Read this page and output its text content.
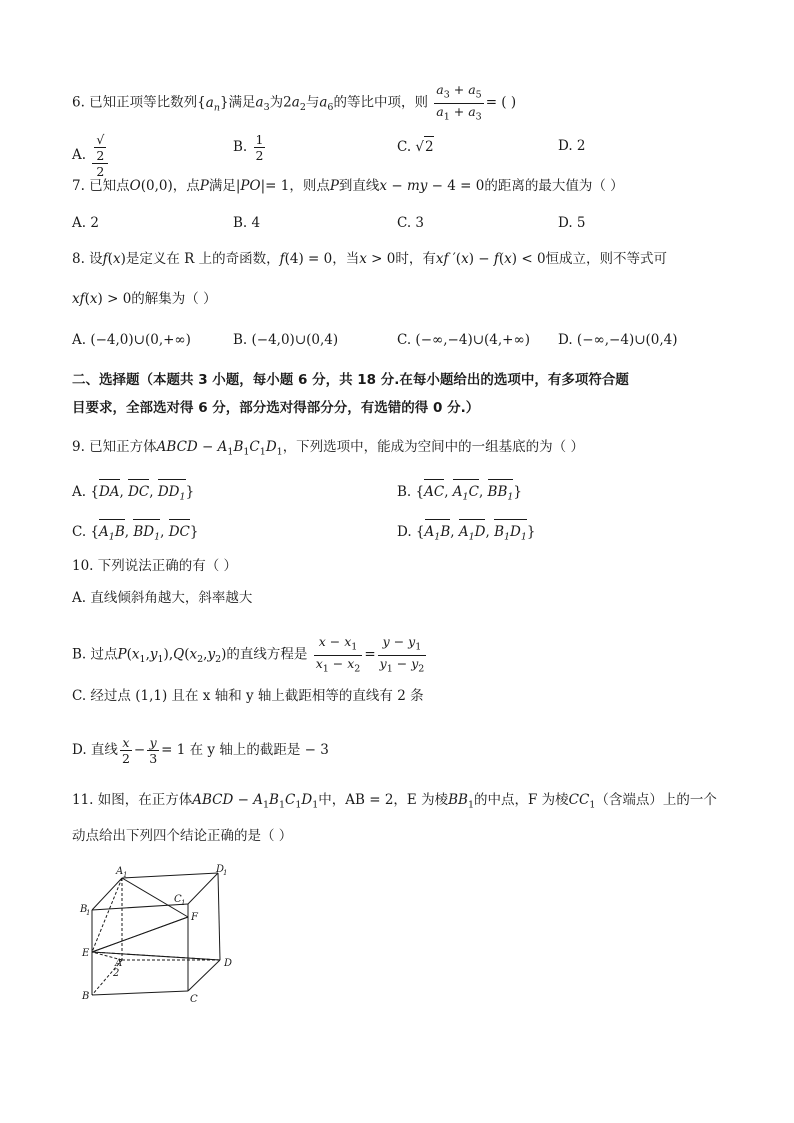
6. 已知正项等比数列$\{a_n\}$满足$a_3$为$2a_2$与$a_6$的等比中项，则 $\frac{a_3 + a_5}{a_1 + a_3}$ = ( )
A. √
2
2	B. $\frac{1}{2}$	C. √2	D. 2
7. 已知点O(0,0)，点P满足|PO|= 1，则点P到直线x − my − 4 = 0的距离的最大值为（ ）
A. 2	B. 4	C. 3	D. 5
8. 设f(x)是定义在 R 上的奇函数，f(4) = 0，当x > 0时，有xf ′(x) − f(x) < 0恒成立，则不等式可
xf(x) > 0的解集为（ ）
A. (−4,0)∪(0,+∞)	B. (−4,0)∪(0,4)	C. (−∞,−4)∪(4,+∞) D. (−∞,−4)∪(0,4)
二、选择题（本题共 3 小题，每小题 6 分，共 18 分.在每小题给出的选项中，有多项符合题
目要求，全部选对得 6 分，部分选对得部分分，有选错的得 0 分.）
9. 已知正方体ABCD − $A_1B_1C_1D_1$，下列选项中，能成为空间中的一组基底的为（ ）
A. {DA, DC, $DD_1$}	B. {AC, $A_1C$, $BB_1$}
C. {$A_1B$, $BD_1$, DC}	D. {$A_1B$, $A_1D$, $B_1D_1$}
10. 下列说法正确的有（ ）
A. 直线倾斜角越大，斜率越大
B. 过点$P(x_1,y_1),Q(x_2,y_2)$的直线方程是 $\frac{x - x_1}{x_1 - x_2} = \frac{y - y_1}{y_1 - y_2}$
C. 经过点 (1,1) 且在 x 轴和 y 轴上截距相等的直线有 2 条
D. 直线 $\frac{x}{2} - \frac{y}{3} = 1$ 在 y 轴上的截距是 − 3
11. 如图，在正方体ABCD − $A_1B_1C_1D_1$中，AB = 2，E 为棱$BB_1$的中点，F 为棱$CC_1$（含端点）上的一个
动点给出下列四个结论正确的是（ ）
A 1	D
1
B
1
C 1
F
E
A
2
D
B	C
